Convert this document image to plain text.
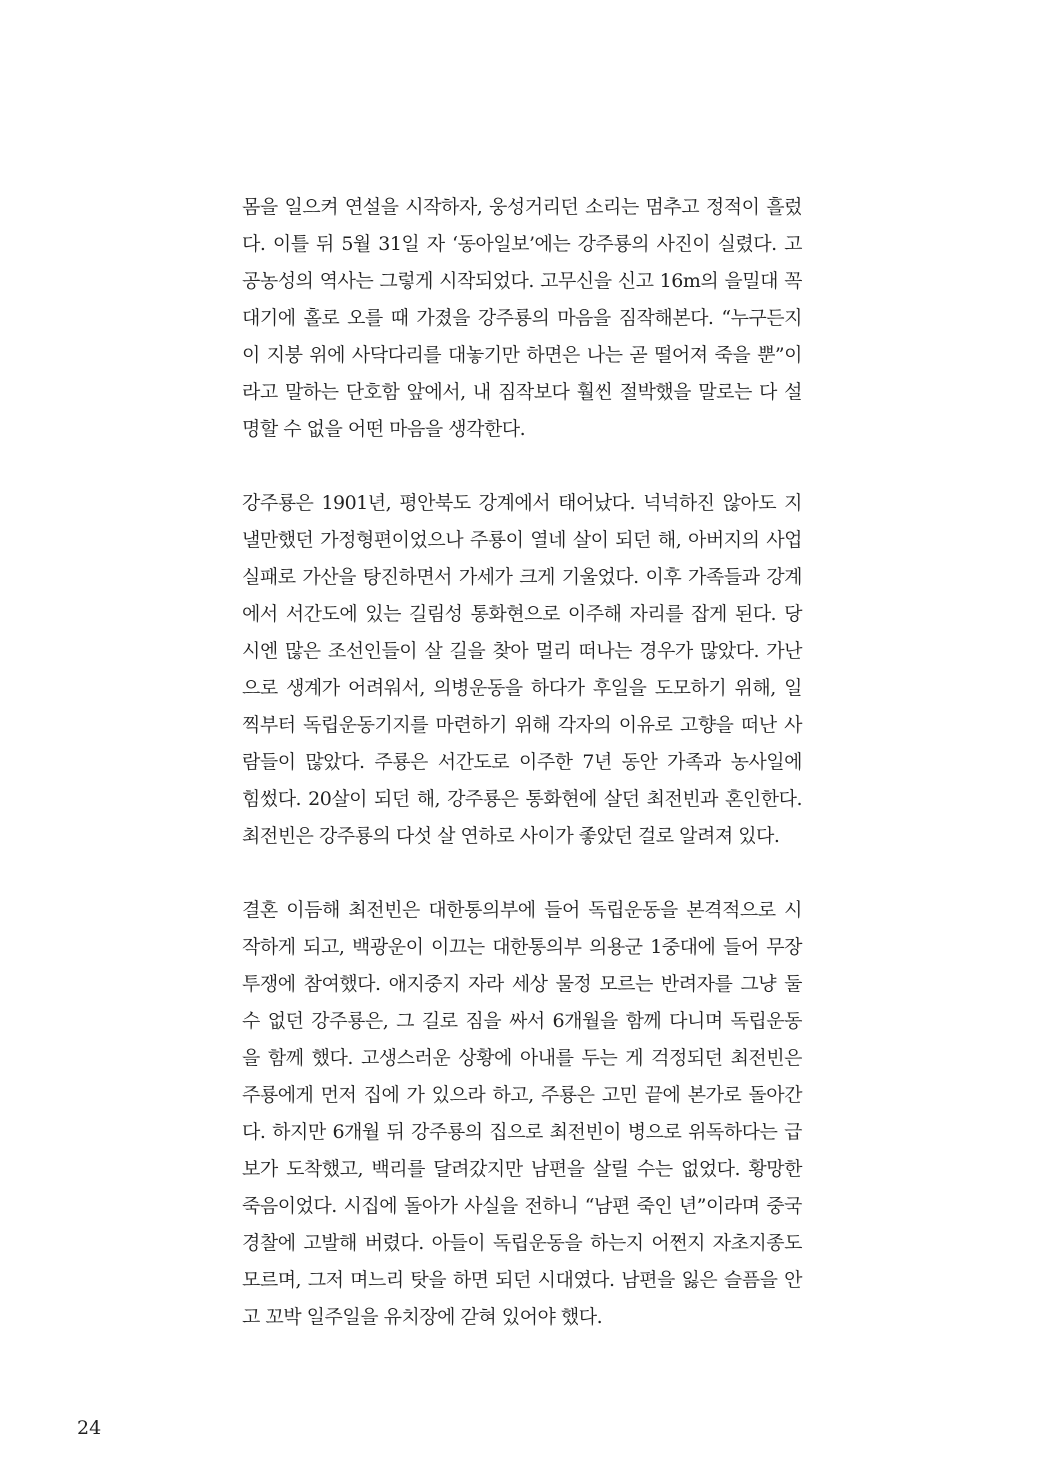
몸을 일으켜 연설을 시작하자, 웅성거리던 소리는 멈추고 정적이 흘렀
다. 이틀 뒤 5월 31일 자 ‘동아일보’에는 강주룡의 사진이 실렸다. 고
공농성의 역사는 그렇게 시작되었다. 고무신을 신고 16m의 을밀대 꼭
대기에 홀로 오를 때 가졌을 강주룡의 마음을 짐작해본다. “누구든지
이 지붕 위에 사닥다리를 대놓기만 하면은 나는 곧 떨어져 죽을 뿐”이
라고 말하는 단호함 앞에서, 내 짐작보다 훨씬 절박했을 말로는 다 설
명할 수 없을 어떤 마음을 생각한다.

강주룡은 1901년, 평안북도 강계에서 태어났다. 넉넉하진 않아도 지
낼만했던 가정형편이었으나 주룡이 열네 살이 되던 해, 아버지의 사업
실패로 가산을 탕진하면서 가세가 크게 기울었다. 이후 가족들과 강계
에서 서간도에 있는 길림성 통화현으로 이주해 자리를 잡게 된다. 당
시엔 많은 조선인들이 살 길을 찾아 멀리 떠나는 경우가 많았다. 가난
으로 생계가 어려워서, 의병운동을 하다가 후일을 도모하기 위해, 일
찍부터 독립운동기지를 마련하기 위해 각자의 이유로 고향을 떠난 사
람들이 많았다. 주룡은 서간도로 이주한 7년 동안 가족과 농사일에
힘썼다. 20살이 되던 해, 강주룡은 통화현에 살던 최전빈과 혼인한다.
최전빈은 강주룡의 다섯 살 연하로 사이가 좋았던 걸로 알려져 있다.

결혼 이듬해 최전빈은 대한통의부에 들어 독립운동을 본격적으로 시
작하게 되고, 백광운이 이끄는 대한통의부 의용군 1중대에 들어 무장
투쟁에 참여했다. 애지중지 자라 세상 물정 모르는 반려자를 그냥 둘
수 없던 강주룡은, 그 길로 짐을 싸서 6개월을 함께 다니며 독립운동
을 함께 했다. 고생스러운 상황에 아내를 두는 게 걱정되던 최전빈은
주룡에게 먼저 집에 가 있으라 하고, 주룡은 고민 끝에 본가로 돌아간
다. 하지만 6개월 뒤 강주룡의 집으로 최전빈이 병으로 위독하다는 급
보가 도착했고, 백리를 달려갔지만 남편을 살릴 수는 없었다. 황망한
죽음이었다. 시집에 돌아가 사실을 전하니 “남편 죽인 년”이라며 중국
경찰에 고발해 버렸다. 아들이 독립운동을 하는지 어쩐지 자초지종도
모르며, 그저 며느리 탓을 하면 되던 시대였다. 남편을 잃은 슬픔을 안
고 꼬박 일주일을 유치장에 갇혀 있어야 했다.

24
